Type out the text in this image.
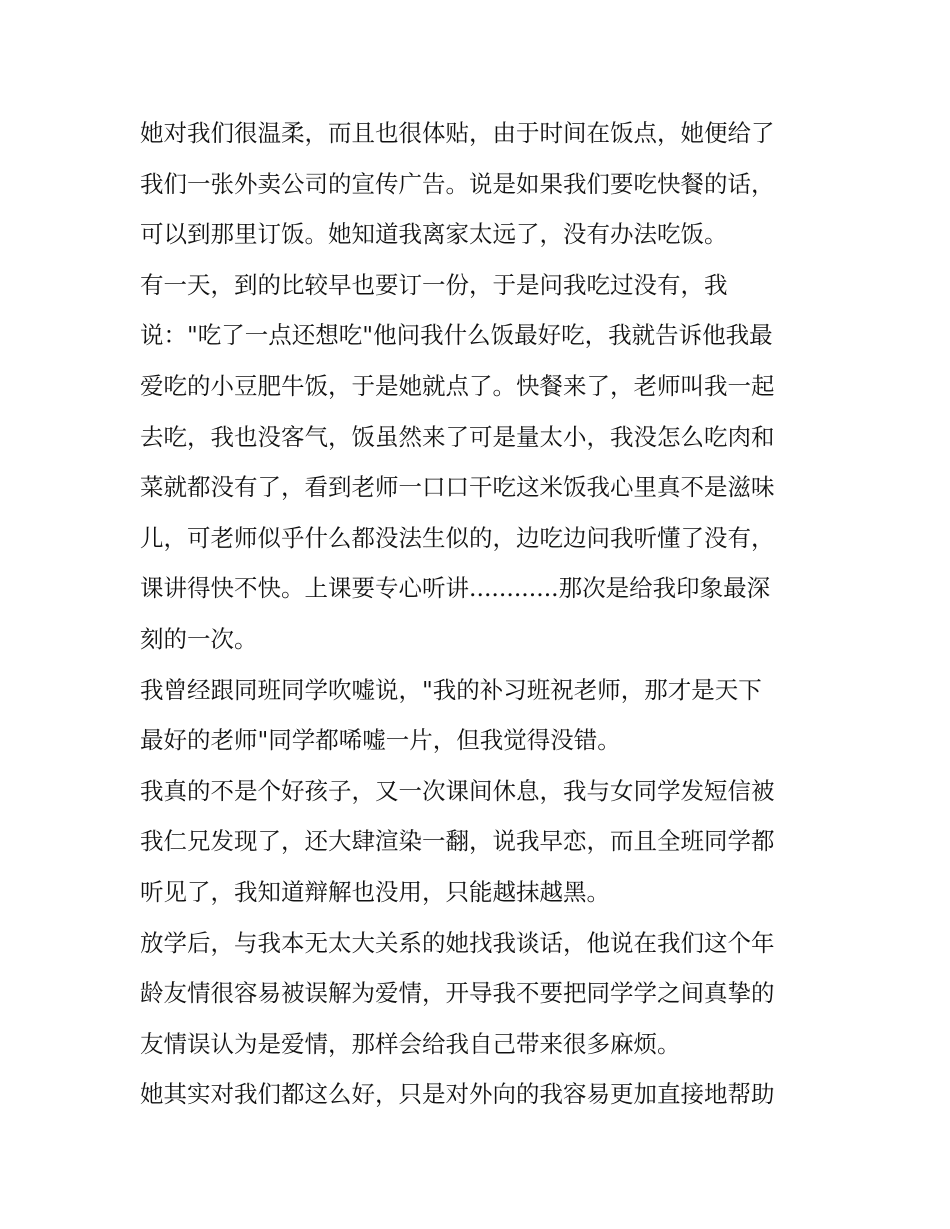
她对我们很温柔，而且也很体贴，由于时间在饭点，她便给了
我们一张外卖公司的宣传广告。说是如果我们要吃快餐的话，
可以到那里订饭。她知道我离家太远了，没有办法吃饭。
有一天，到的比较早也要订一份，于是问我吃过没有，我
说："吃了一点还想吃"他问我什么饭最好吃，我就告诉他我最
爱吃的小豆肥牛饭，于是她就点了。快餐来了，老师叫我一起
去吃，我也没客气，饭虽然来了可是量太小，我没怎么吃肉和
菜就都没有了，看到老师一口口干吃这米饭我心里真不是滋味
儿，可老师似乎什么都没法生似的，边吃边问我听懂了没有，
课讲得快不快。上课要专心听讲............那次是给我印象最深
刻的一次。
我曾经跟同班同学吹嘘说，"我的补习班祝老师，那才是天下
最好的老师"同学都唏嘘一片，但我觉得没错。
我真的不是个好孩子，又一次课间休息，我与女同学发短信被
我仁兄发现了，还大肆渲染一翻，说我早恋，而且全班同学都
听见了，我知道辩解也没用，只能越抹越黑。
放学后，与我本无太大关系的她找我谈话，他说在我们这个年
龄友情很容易被误解为爱情，开导我不要把同学学之间真挚的
友情误认为是爱情，那样会给我自己带来很多麻烦。
她其实对我们都这么好，只是对外向的我容易更加直接地帮助
